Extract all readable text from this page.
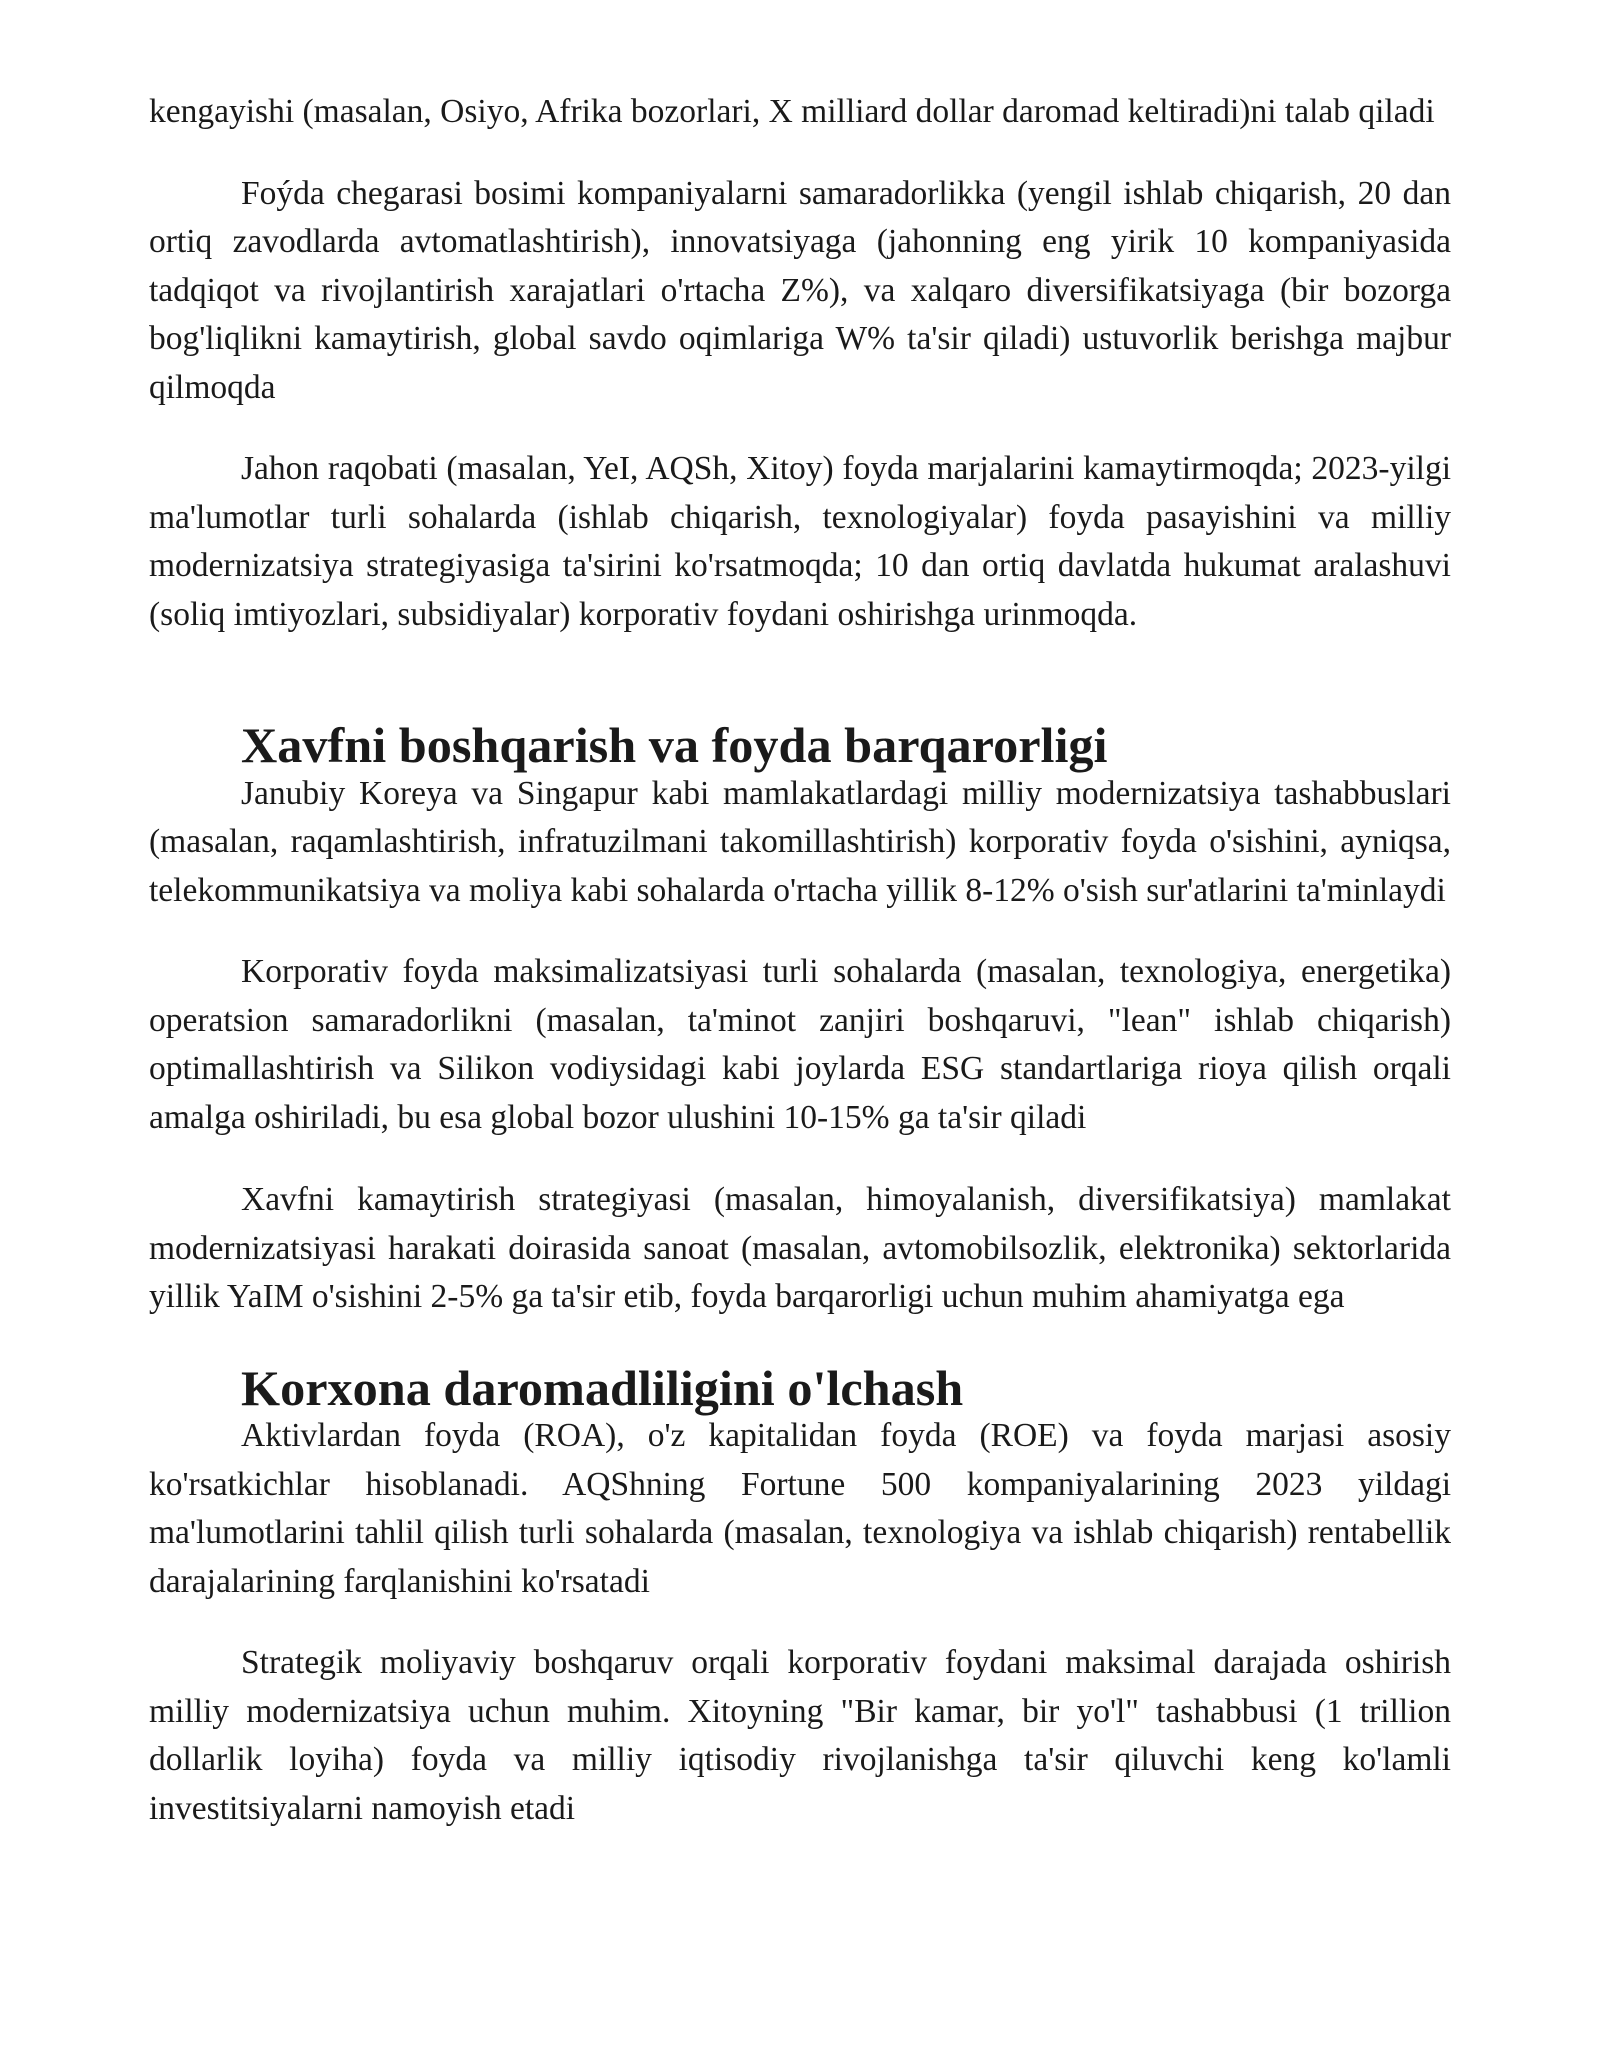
kengayishi (masalan, Osiyo, Afrika bozorlari, X milliard dollar daromad keltiradi)ni talab qiladi

Foýda chegarasi bosimi kompaniyalarni samaradorlikka (yengil ishlab chiqarish, 20 dan ortiq zavodlarda avtomatlashtirish), innovatsiyaga (jahonning eng yirik 10 kompaniyasida tadqiqot va rivojlantirish xarajatlari o'rtacha Z%), va xalqaro diversifikatsiyaga (bir bozorga bog'liqlikni kamaytirish, global savdo oqimlariga W% ta'sir qiladi) ustuvorlik berishga majbur qilmoqda

Jahon raqobati (masalan, YeI, AQSh, Xitoy) foyda marjalarini kamaytirmoqda; 2023-yilgi ma'lumotlar turli sohalarda (ishlab chiqarish, texnologiyalar) foyda pasayishini va milliy modernizatsiya strategiyasiga ta'sirini ko'rsatmoqda; 10 dan ortiq davlatda hukumat aralashuvi (soliq imtiyozlari, subsidiyalar) korporativ foydani oshirishga urinmoqda.

Xavfni boshqarish va foyda barqarorligi

Janubiy Koreya va Singapur kabi mamlakatlardagi milliy modernizatsiya tashabbuslari (masalan, raqamlashtirish, infratuzilmani takomillashtirish) korporativ foyda o'sishini, ayniqsa, telekommunikatsiya va moliya kabi sohalarda o'rtacha yillik 8-12% o'sish sur'atlarini ta'minlaydi

Korporativ foyda maksimalizatsiyasi turli sohalarda (masalan, texnologiya, energetika) operatsion samaradorlikni (masalan, ta'minot zanjiri boshqaruvi, "lean" ishlab chiqarish) optimallashtirish va Silikon vodiysidagi kabi joylarda ESG standartlariga rioya qilish orqali amalga oshiriladi, bu esa global bozor ulushini 10-15% ga ta'sir qiladi

Xavfni kamaytirish strategiyasi (masalan, himoyalanish, diversifikatsiya) mamlakat modernizatsiyasi harakati doirasida sanoat (masalan, avtomobilsozlik, elektronika) sektorlarida yillik YaIM o'sishini 2-5% ga ta'sir etib, foyda barqarorligi uchun muhim ahamiyatga ega

Korxona daromadliligini o'lchash

Aktivlardan foyda (ROA), o'z kapitalidan foyda (ROE) va foyda marjasi asosiy ko'rsatkichlar hisoblanadi. AQShning Fortune 500 kompaniyalarining 2023 yildagi ma'lumotlarini tahlil qilish turli sohalarda (masalan, texnologiya va ishlab chiqarish) rentabellik darajalarining farqlanishini ko'rsatadi

Strategik moliyaviy boshqaruv orqali korporativ foydani maksimal darajada oshirish milliy modernizatsiya uchun muhim. Xitoyning "Bir kamar, bir yo'l" tashabbusi (1 trillion dollarlik loyiha) foyda va milliy iqtisodiy rivojlanishga ta'sir qiluvchi keng ko'lamli investitsiyalarni namoyish etadi
